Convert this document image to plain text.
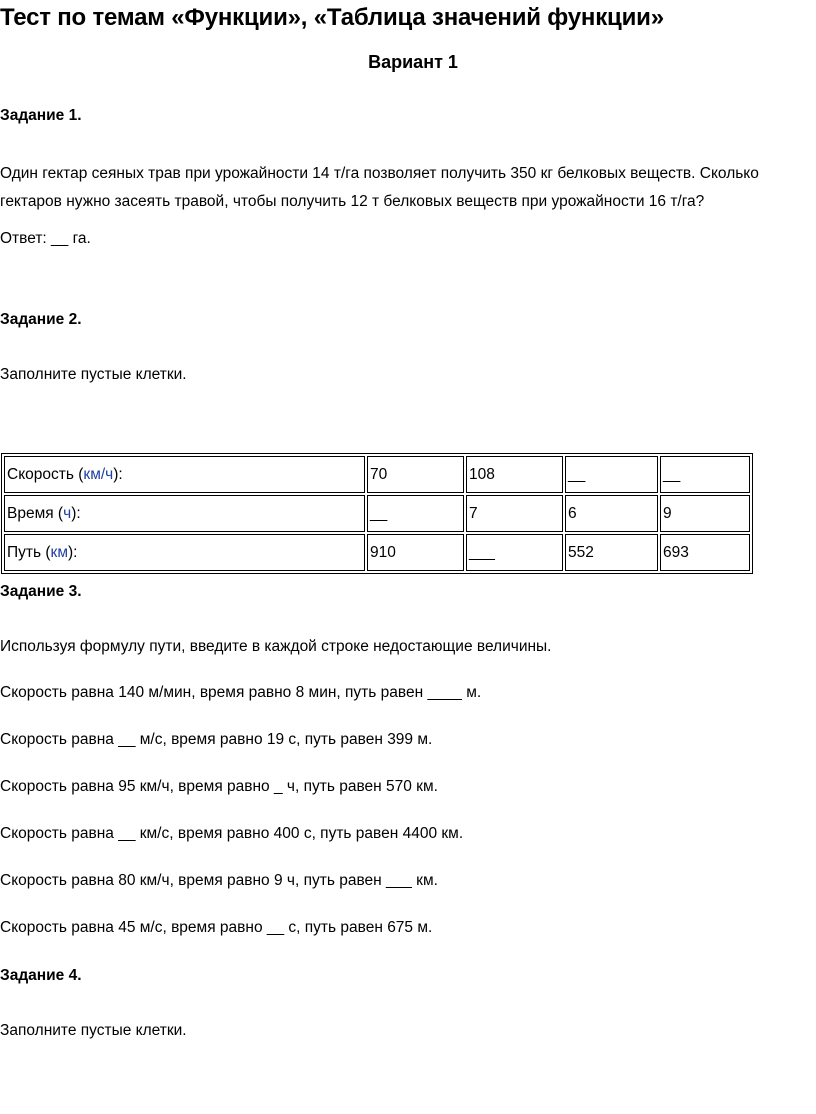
Тест по темам «Функции», «Таблица значений функции»
Вариант 1
Задание 1.
Один гектар сеяных трав при урожайности 14 т/га позволяет получить 350 кг белковых веществ. Сколько гектаров нужно засеять травой, чтобы получить 12 т белковых веществ при урожайности 16 т/га?
Ответ: __ га.
Задание 2.
Заполните пустые клетки.
Скорость (км/ч):	70	108	__	__
Время (ч):	__	7	6	9
Путь (км):	910	___	552	693
Задание 3.
Используя формулу пути, введите в каждой строке недостающие величины.
Скорость равна 140 м/мин, время равно 8 мин, путь равен ____ м.
Скорость равна __ м/с, время равно 19 с, путь равен 399 м.
Скорость равна 95 км/ч, время равно _ ч, путь равен 570 км.
Скорость равна __ км/с, время равно 400 с, путь равен 4400 км.
Скорость равна 80 км/ч, время равно 9 ч, путь равен ___ км.
Скорость равна 45 м/с, время равно __ с, путь равен 675 м.
Задание 4.
Заполните пустые клетки.
